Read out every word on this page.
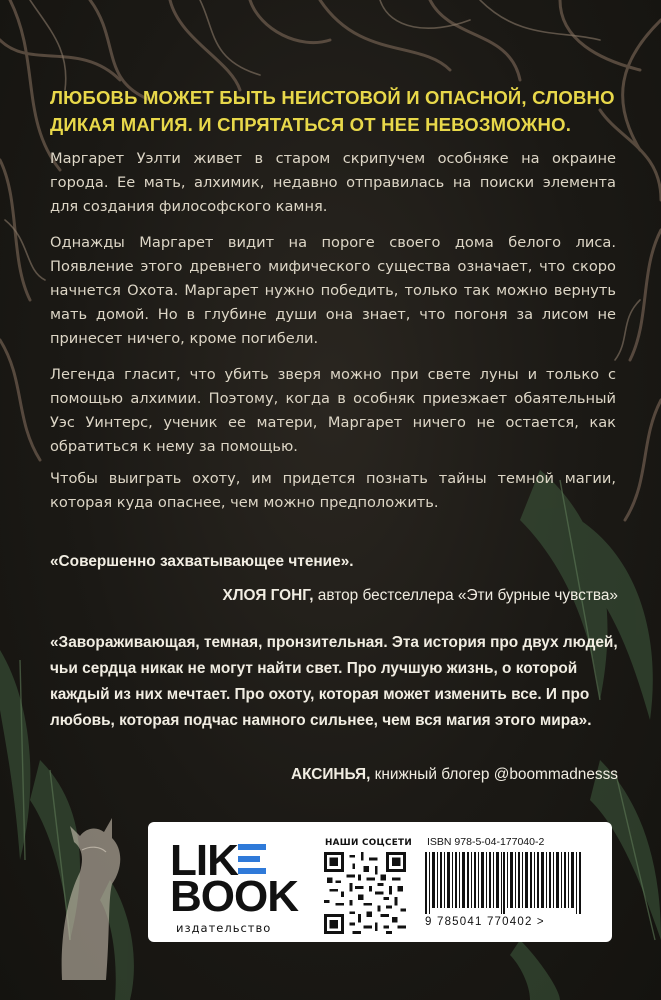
ЛЮБОВЬ МОЖЕТ БЫТЬ НЕИСТОВОЙ И ОПАСНОЙ, СЛОВНО
ДИКАЯ МАГИЯ. И СПРЯТАТЬСЯ ОТ НЕЕ НЕВОЗМОЖНО.

Маргарет Уэлти живет в старом скрипучем особняке на окраине города. Ее мать, алхимик, недавно отправилась на поиски элемента для создания философского камня.

Однажды Маргарет видит на пороге своего дома белого лиса. Появление этого древнего мифического существа означает, что скоро начнется Охота. Маргарет нужно победить, только так можно вернуть мать домой. Но в глубине души она знает, что погоня за лисом не принесет ничего, кроме погибели.

Легенда гласит, что убить зверя можно при свете луны и только с помощью алхимии. Поэтому, когда в особняк приезжает обаятельный Уэс Уинтерс, ученик ее матери, Маргарет ничего не остается, как обратиться к нему за помощью.

Чтобы выиграть охоту, им придется познать тайны темной магии, которая куда опаснее, чем можно предположить.

«Совершенно захватывающее чтение».
ХЛОЯ ГОНГ, автор бестселлера «Эти бурные чувства»
«Завораживающая, темная, пронзительная. Эта история про двух людей, чьи сердца никак не могут найти свет. Про лучшую жизнь, о которой каждый из них мечтает. Про охоту, которая может изменить все. И про любовь, которая подчас намного сильнее, чем вся магия этого мира».
АКСИНЬЯ, книжный блогер @boommadnesss
LIK
BOOK
издательство
НАШИ СОЦСЕТИ ISBN 978-5-04-177040-2
9 785041 770402 >
